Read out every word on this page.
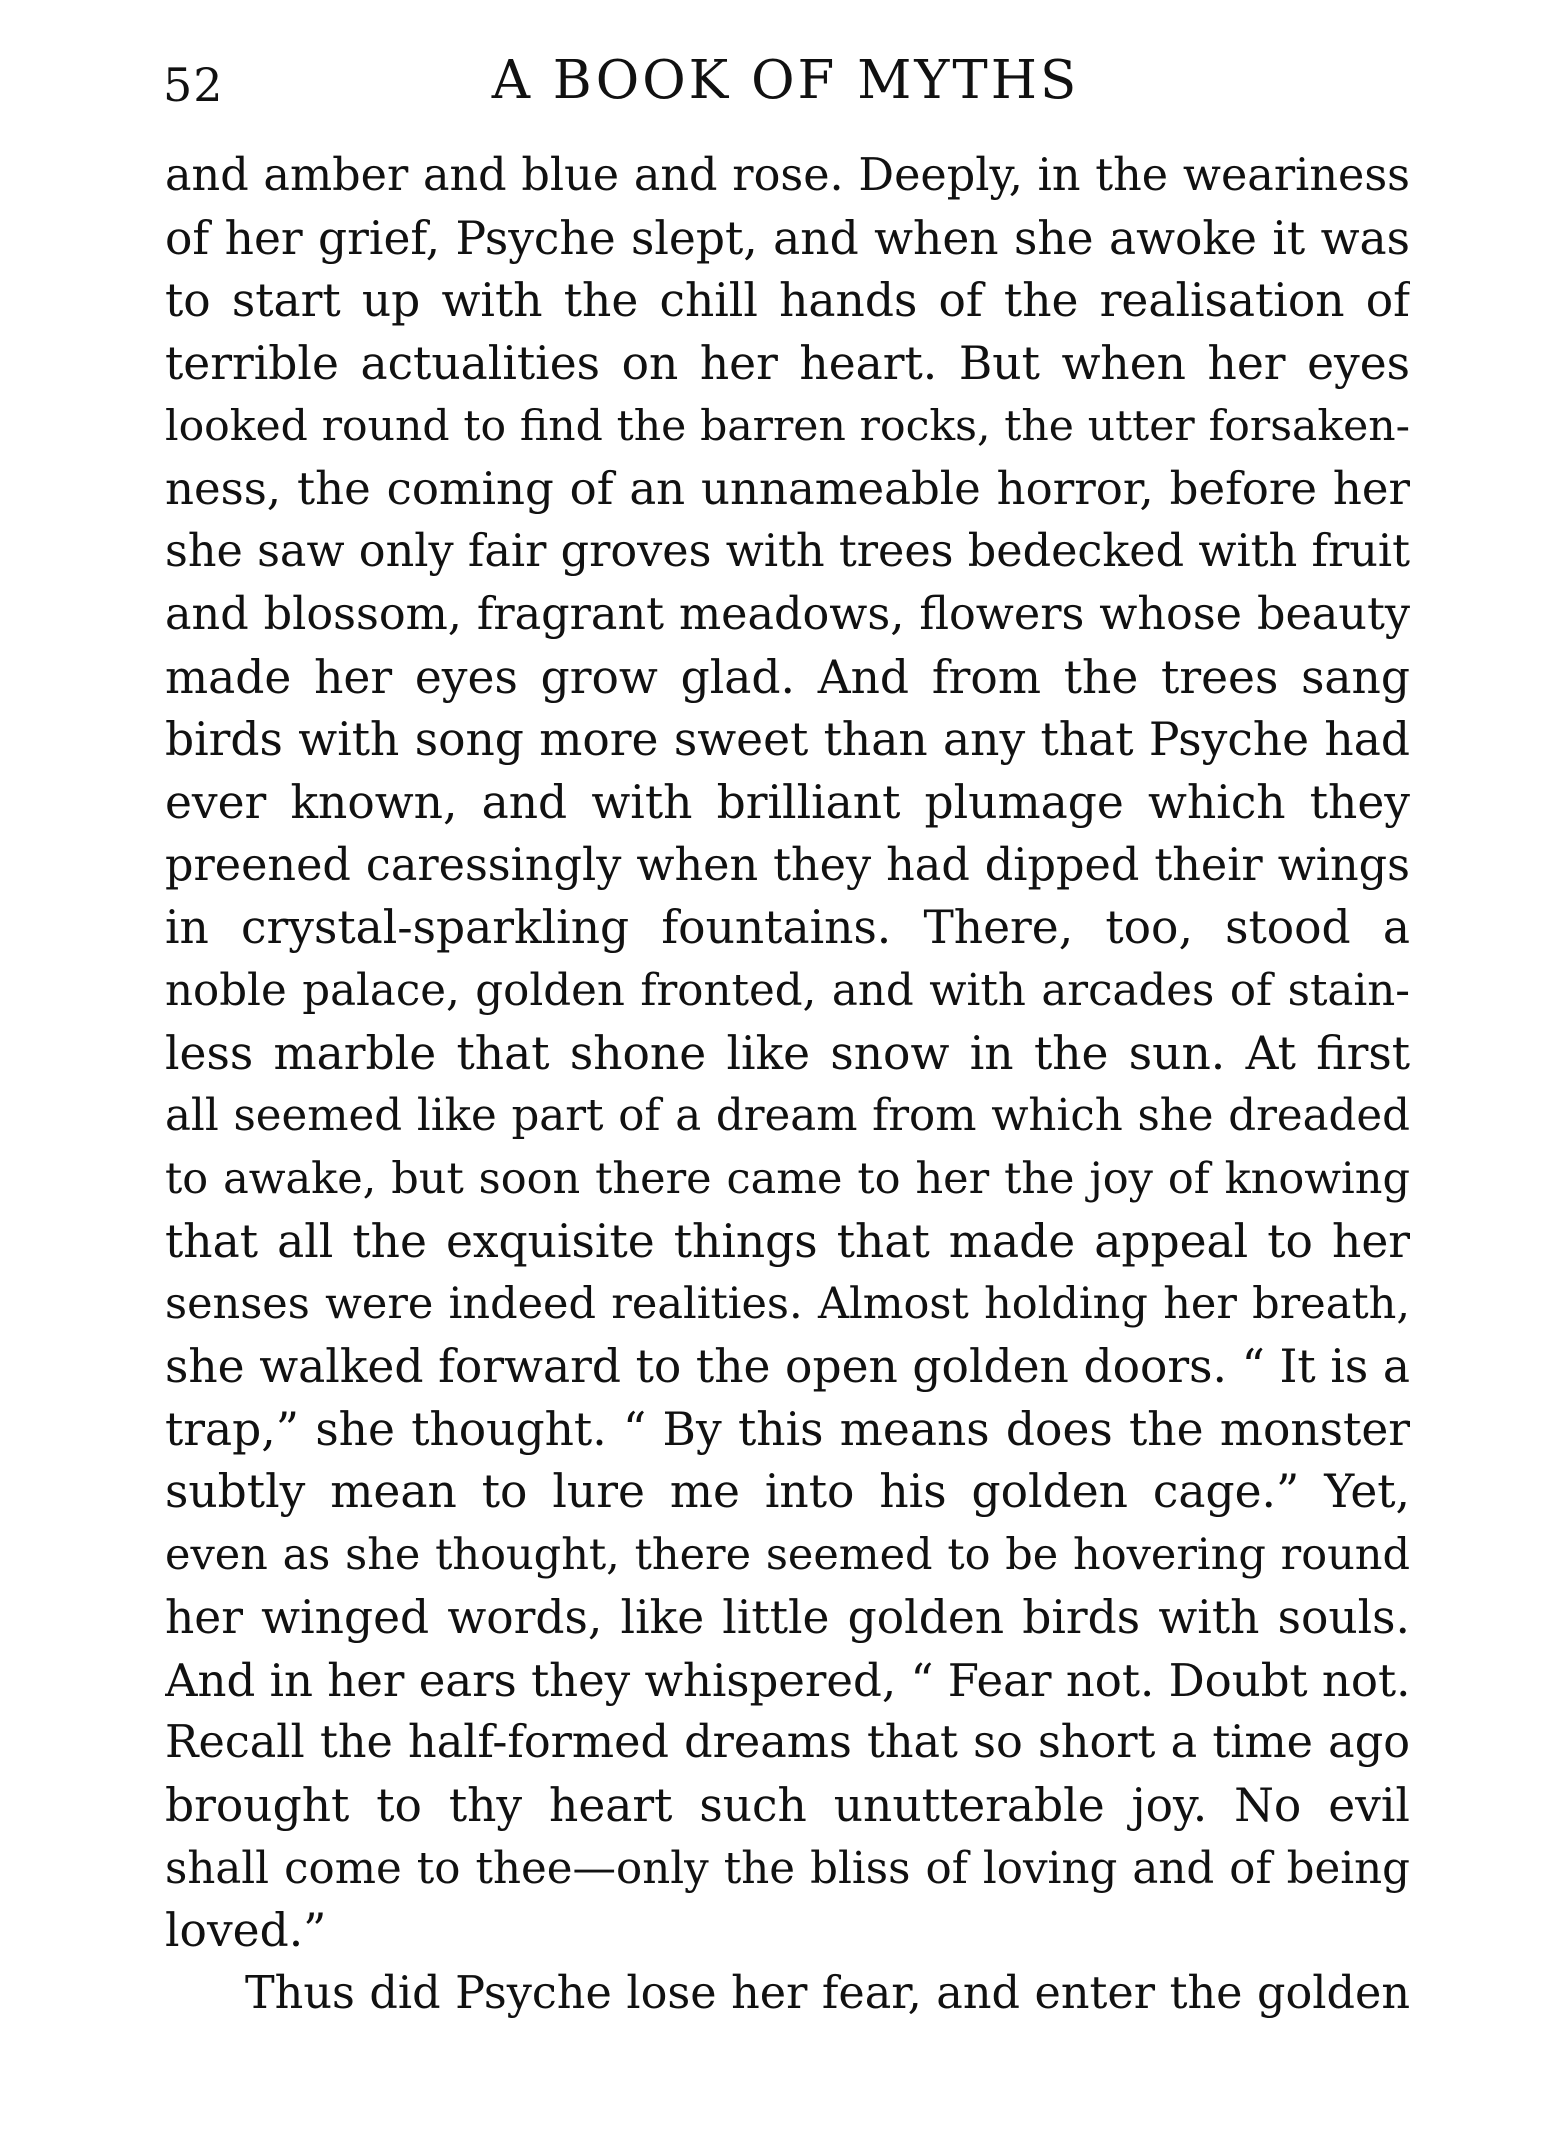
52	A BOOK OF MYTHS
and amber and blue and rose. Deeply, in the weariness
of her grief, Psyche slept, and when she awoke it was
to start up with the chill hands of the realisation of
terrible actualities on her heart. But when her eyes
looked round to find the barren rocks, the utter forsaken-
ness, the coming of an unnameable horror, before her
she saw only fair groves with trees bedecked with fruit
and blossom, fragrant meadows, flowers whose beauty
made her eyes grow glad. And from the trees sang
birds with song more sweet than any that Psyche had
ever known, and with brilliant plumage which they
preened caressingly when they had dipped their wings
in crystal-sparkling fountains. There, too, stood a
noble palace, golden fronted, and with arcades of stain-
less marble that shone like snow in the sun. At first
all seemed like part of a dream from which she dreaded
to awake, but soon there came to her the joy of knowing
that all the exquisite things that made appeal to her
senses were indeed realities. Almost holding her breath,
she walked forward to the open golden doors. “ It is a
trap,” she thought. “ By this means does the monster
subtly mean to lure me into his golden cage.” Yet,
even as she thought, there seemed to be hovering round
her winged words, like little golden birds with souls.
And in her ears they whispered, “ Fear not. Doubt not.
Recall the half-formed dreams that so short a time ago
brought to thy heart such unutterable joy. No evil
shall come to thee—only the bliss of loving and of being
loved.”
Thus did Psyche lose her fear, and enter the golden
